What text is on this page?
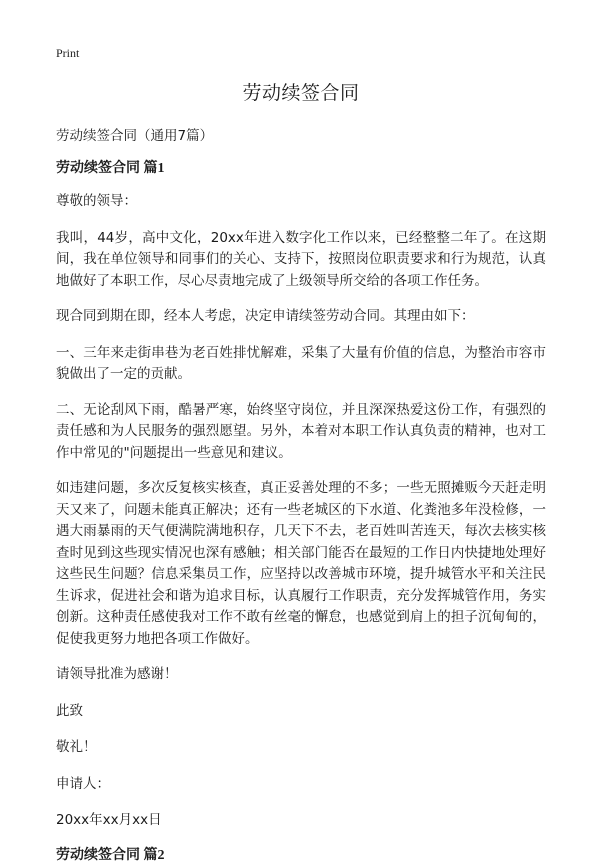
Print
劳动续签合同
劳动续签合同（通用7篇）
劳动续签合同 篇1

尊敬的领导：

我叫，44岁，高中文化，20xx年进入数字化工作以来，已经整整二年了。在这期间，我在单位领导和同事们的关心、支持下，按照岗位职责要求和行为规范，认真地做好了本职工作，尽心尽责地完成了上级领导所交给的各项工作任务。

现合同到期在即，经本人考虑，决定申请续签劳动合同。其理由如下：

一、三年来走街串巷为老百姓排忧解难，采集了大量有价值的信息，为整治市容市貌做出了一定的贡献。

二、无论刮风下雨，酷暑严寒，始终坚守岗位，并且深深热爱这份工作，有强烈的责任感和为人民服务的强烈愿望。另外，本着对本职工作认真负责的精神，也对工作中常见的"问题提出一些意见和建议。

如违建问题，多次反复核实核查，真正妥善处理的不多；一些无照摊贩今天赶走明天又来了，问题未能真正解决；还有一些老城区的下水道、化粪池多年没检修，一遇大雨暴雨的天气便满院满地积存，几天下不去，老百姓叫苦连天，每次去核实核查时见到这些现实情况也深有感触；相关部门能否在最短的工作日内快捷地处理好这些民生问题？信息采集员工作，应坚持以改善城市环境，提升城管水平和关注民生诉求，促进社会和谐为追求目标，认真履行工作职责，充分发挥城管作用，务实创新。这种责任感使我对工作不敢有丝毫的懈怠，也感觉到肩上的担子沉甸甸的，促使我更努力地把各项工作做好。

请领导批准为感谢！

此致

敬礼！

申请人：

20xx年xx月xx日

劳动续签合同 篇2
